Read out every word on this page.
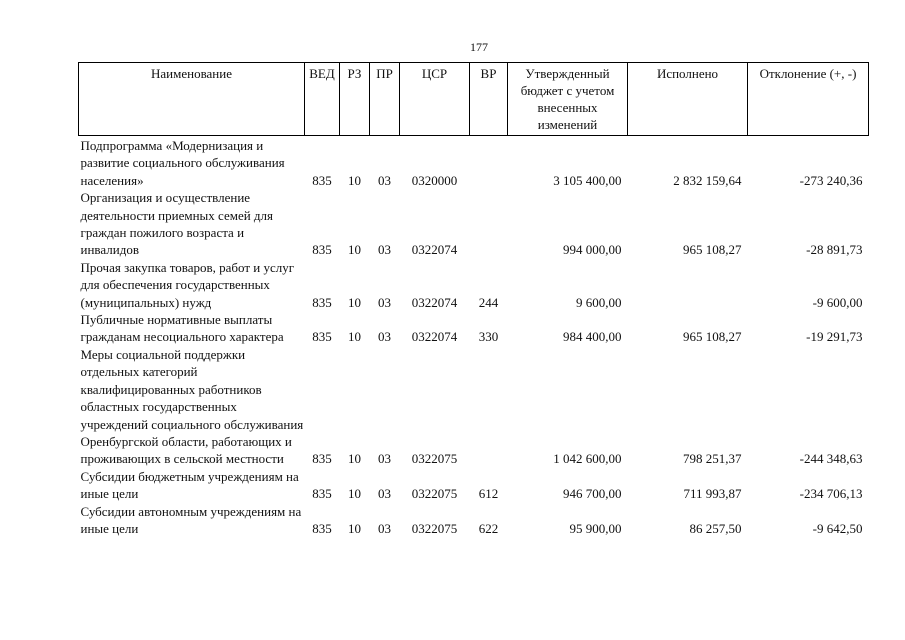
177
Наименование	ВЕД	РЗ	ПР	ЦСР	ВР	Утвержденный бюджет с учетом внесенных изменений	Исполнено	Отклонение (+, -)
Подпрограмма «Модернизация и развитие социального обслуживания населения»	835	10	03	0320000		3 105 400,00	2 832 159,64	-273 240,36
Организация и осуществление деятельности приемных семей для граждан пожилого возраста и инвалидов	835	10	03	0322074		994 000,00	965 108,27	-28 891,73
Прочая закупка товаров, работ и услуг для обеспечения государственных (муниципальных) нужд	835	10	03	0322074	244	9 600,00		-9 600,00
Публичные нормативные выплаты гражданам несоциального характера	835	10	03	0322074	330	984 400,00	965 108,27	-19 291,73
Меры социальной поддержки отдельных категорий квалифицированных работников областных государственных учреждений социального обслуживания Оренбургской области, работающих и проживающих в сельской местности	835	10	03	0322075		1 042 600,00	798 251,37	-244 348,63
Субсидии бюджетным учреждениям на иные цели	835	10	03	0322075	612	946 700,00	711 993,87	-234 706,13
Субсидии автономным учреждениям на иные цели	835	10	03	0322075	622	95 900,00	86 257,50	-9 642,50
